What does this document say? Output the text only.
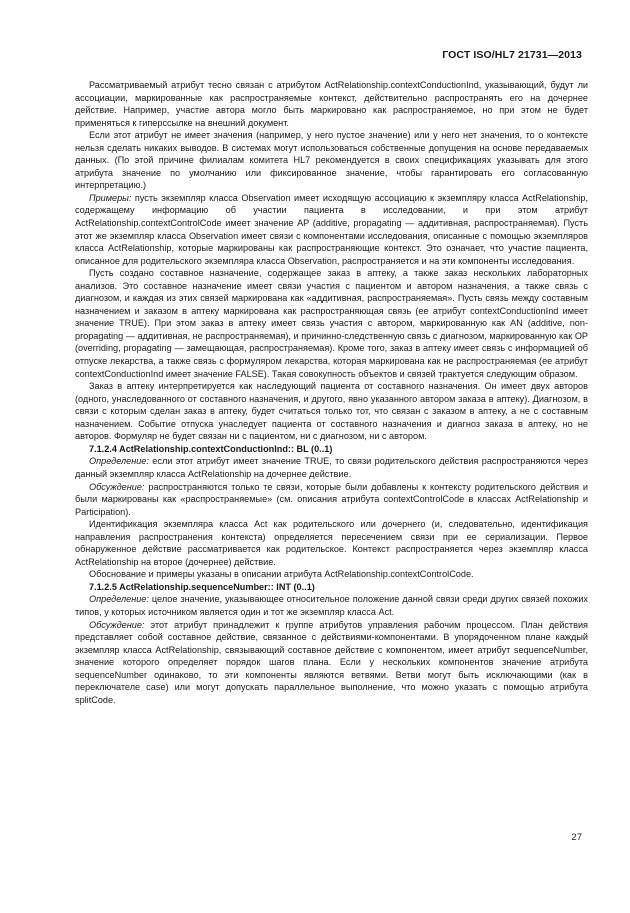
ГОСТ ISO/HL7 21731—2013

Рассматриваемый атрибут тесно связан с атрибутом ActRelationship.contextConductionInd, указывающий, будут ли ассоциации, маркированные как распространяемые контекст, действительно распространять его на дочернее действие. Например, участие автора могло быть маркировано как распространяемое, но при этом не будет применяться к гиперссылке на внешний документ.

Если этот атрибут не имеет значения (например, у него пустое значение) или у него нет значения, то о контексте нельзя сделать никаких выводов. В системах могут использоваться собственные допущения на основе передаваемых данных. (По этой причине филиалам комитета HL7 рекомендуется в своих спецификациях указывать для этого атрибута значение по умолчанию или фиксированное значение, чтобы гарантировать его согласованную интерпретацию.)

Примеры: пусть экземпляр класса Observation имеет исходящую ассоциацию к экземпляру класса ActRelationship, содержащему информацию об участии пациента в исследовании, и при этом атрибут ActRelationship.contextControlCode имеет значение AP (additive, propagating — аддитивная, распространяемая). Пусть этот же экземпляр класса Observation имеет связи с компонентами исследования, описанные с помощью экземпляров класса ActRelationship, которые маркированы как распространяющие контекст. Это означает, что участие пациента, описанное для родительского экземпляра класса Observation, распространяется и на эти компоненты исследования.

Пусть создано составное назначение, содержащее заказ в аптеку, а также заказ нескольких лабораторных анализов. Это составное назначение имеет связи участия с пациентом и автором назначения, а также связь с диагнозом, и каждая из этих связей маркирована как «аддитивная, распространяемая». Пусть связь между составным назначением и заказом в аптеку маркирована как распространяющая связь (ее атрибут contextConductionInd имеет значение TRUE). При этом заказ в аптеку имеет связь участия с автором, маркированную как AN (additive, non-propagating — аддитивная, не распространяемая), и причинно-следственную связь с диагнозом, маркированную как OP (overriding, propagating — замещающая, распространяемая). Кроме того, заказ в аптеку имеет связь с информацией об отпуске лекарства, а также связь с формуляром лекарства, которая маркирована как не распространяемая (ее атрибут contextConductionInd имеет значение FALSE). Такая совокупность объектов и связей трактуется следующим образом.

Заказ в аптеку интерпретируется как наследующий пациента от составного назначения. Он имеет двух авторов (одного, унаследованного от составного назначения, и другого, явно указанного автором заказа в аптеку). Диагнозом, в связи с которым сделан заказ в аптеку, будет считаться только тот, что связан с заказом в аптеку, а не с составным назначением. Событие отпуска унаследует пациента от составного назначения и диагноз заказа в аптеку, но не авторов. Формуляр не будет связан ни с пациентом, ни с диагнозом, ни с автором.

7.1.2.4 ActRelationship.contextConductionInd:: BL (0..1)

Определение: если этот атрибут имеет значение TRUE, то связи родительского действия распространяются через данный экземпляр класса ActRelationship на дочернее действие.

Обсуждение: распространяются только те связи, которые были добавлены к контексту родительского действия и были маркированы как «распространяемые» (см. описания атрибута contextControlCode в классах ActRelationship и Participation).

Идентификация экземпляра класса Act как родительского или дочернего (и, следовательно, идентификация направления распространения контекста) определяется пересечением связи при ее сериализации. Первое обнаруженное действие рассматривается как родительское. Контекст распространяется через экземпляр класса ActRelationship на второе (дочернее) действие.

Обоснование и примеры указаны в описании атрибута ActRelationship.contextControlCode.

7.1.2.5 ActRelationship.sequenceNumber:: INT (0..1)

Определение: целое значение, указывающее относительное положение данной связи среди других связей похожих типов, у которых источником является один и тот же экземпляр класса Act.

Обсуждение: этот атрибут принадлежит к группе атрибутов управления рабочим процессом. План действия представляет собой составное действие, связанное с действиями-компонентами. В упорядоченном плане каждый экземпляр класса ActRelationship, связывающий составное действие с компонентом, имеет атрибут sequenceNumber, значение которого определяет порядок шагов плана. Если у нескольких компонентов значение атрибута sequenceNumber одинаково, то эти компоненты являются ветвями. Ветви могут быть исключающими (как в переключателе case) или могут допускать параллельное выполнение, что можно указать с помощью атрибута splitCode.

27
